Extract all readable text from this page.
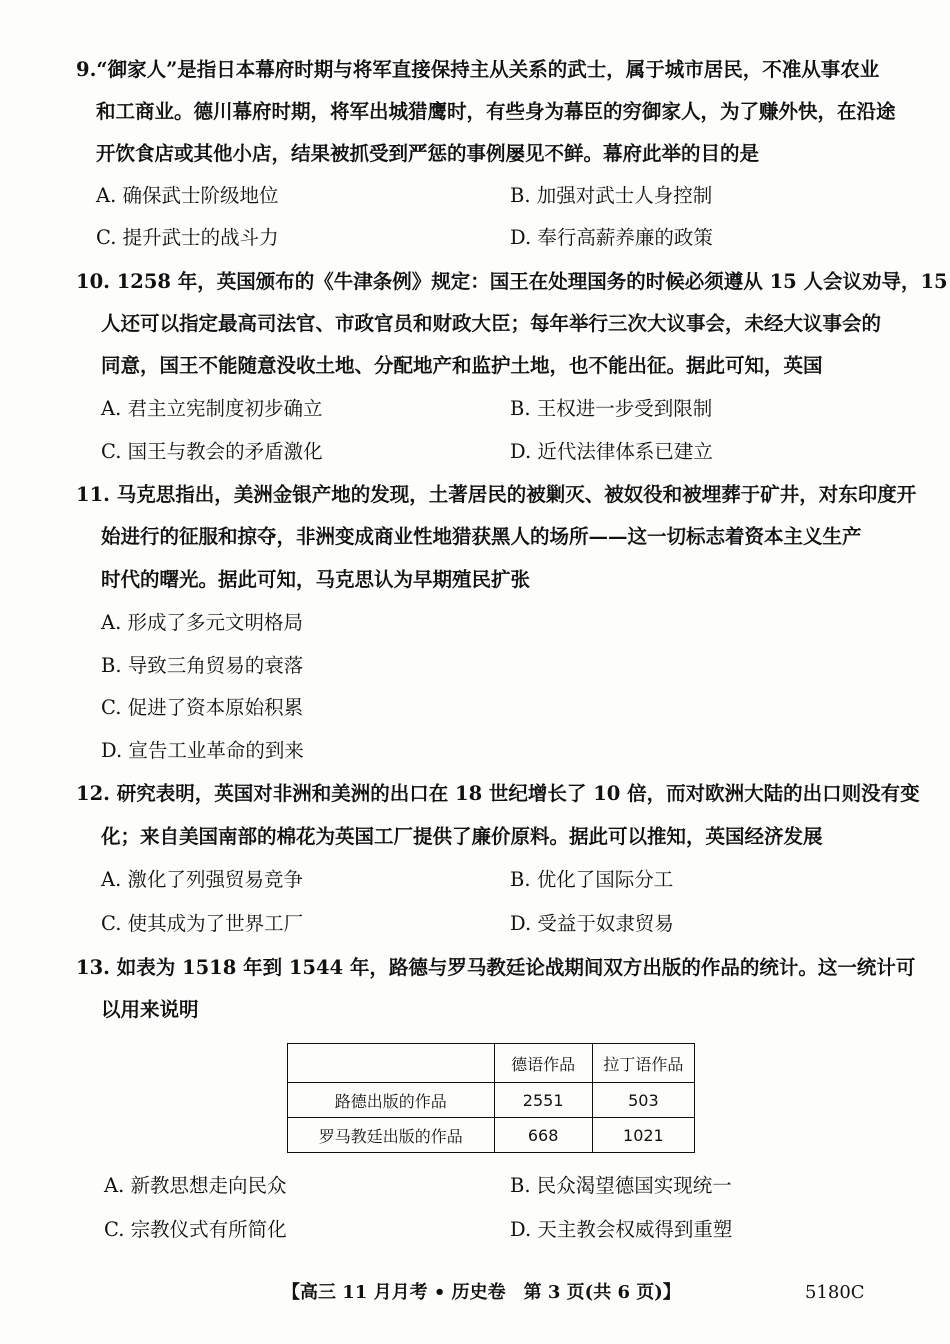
9.“御家人”是指日本幕府时期与将军直接保持主从关系的武士，属于城市居民，不准从事农业
和工商业。德川幕府时期，将军出城猎鹰时，有些身为幕臣的穷御家人，为了赚外快，在沿途
开饮食店或其他小店，结果被抓受到严惩的事例屡见不鲜。幕府此举的目的是
A. 确保武士阶级地位	B. 加强对武士人身控制
C. 提升武士的战斗力	D. 奉行高薪养廉的政策
10. 1258 年，英国颁布的《牛津条例》规定：国王在处理国务的时候必须遵从 15 人会议劝导，15
人还可以指定最高司法官、市政官员和财政大臣；每年举行三次大议事会，未经大议事会的
同意，国王不能随意没收土地、分配地产和监护土地，也不能出征。据此可知，英国
A. 君主立宪制度初步确立	B. 王权进一步受到限制
C. 国王与教会的矛盾激化	D. 近代法律体系已建立
11. 马克思指出，美洲金银产地的发现，土著居民的被剿灭、被奴役和被埋葬于矿井，对东印度开
始进行的征服和掠夺，非洲变成商业性地猎获黑人的场所——这一切标志着资本主义生产
时代的曙光。据此可知，马克思认为早期殖民扩张
A. 形成了多元文明格局
B. 导致三角贸易的衰落
C. 促进了资本原始积累
D. 宣告工业革命的到来
12. 研究表明，英国对非洲和美洲的出口在 18 世纪增长了 10 倍，而对欧洲大陆的出口则没有变
化；来自美国南部的棉花为英国工厂提供了廉价原料。据此可以推知，英国经济发展
A. 激化了列强贸易竞争	B. 优化了国际分工
C. 使其成为了世界工厂	D. 受益于奴隶贸易
13. 如表为 1518 年到 1544 年，路德与罗马教廷论战期间双方出版的作品的统计。这一统计可
以用来说明
	德语作品	拉丁语作品
路德出版的作品	2551	503
罗马教廷出版的作品	668	1021
A. 新教思想走向民众	B. 民众渴望德国实现统一
C. 宗教仪式有所简化	D. 天主教会权威得到重塑
【高三 11 月月考 • 历史卷　第 3 页(共 6 页)】	5180C
